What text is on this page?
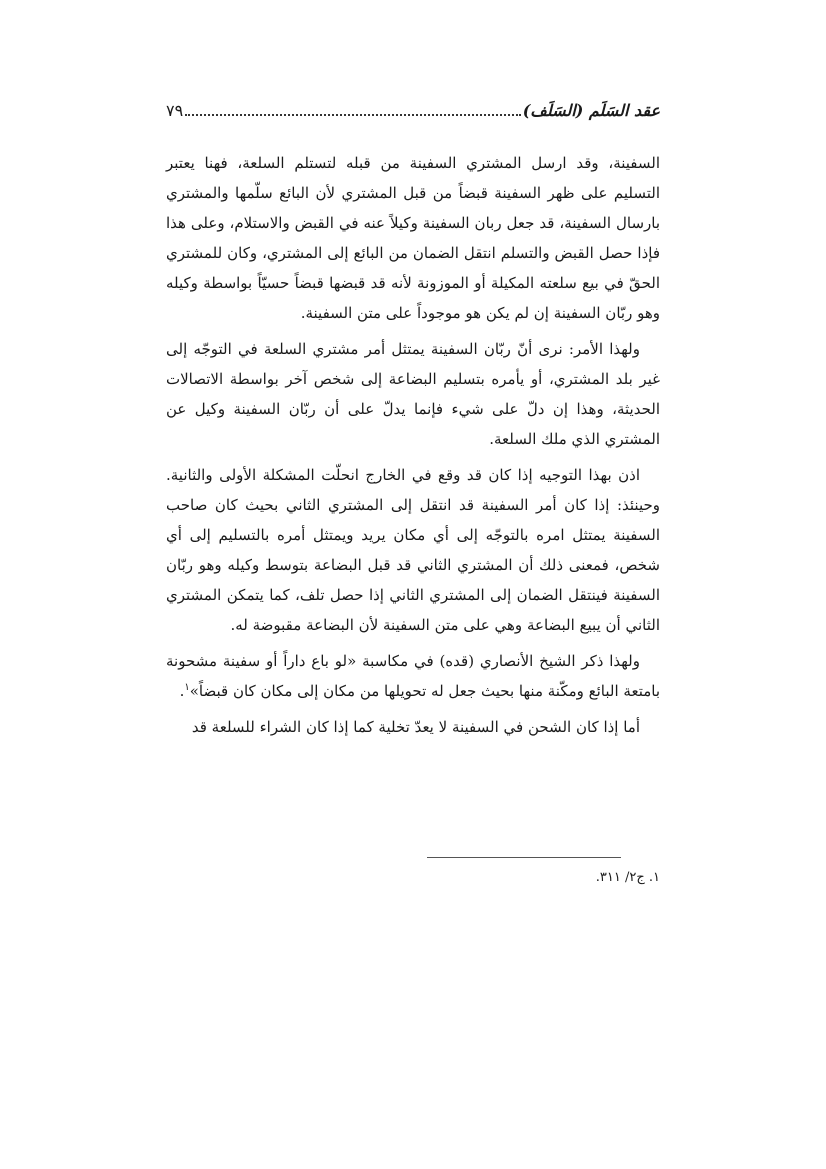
عقد السَلَم (السَلَف)
٧٩

السفينة، وقد ارسل المشتري السفينة من قبله لتستلم السلعة، فهنا يعتبر التسليم على ظهر السفينة قبضاً من قبل المشتري لأن البائع سلّمها والمشتري بارسال السفينة، قد جعل ربان السفينة وكيلاً عنه في القبض والاستلام، وعلى هذا فإذا حصل القبض والتسلم انتقل الضمان من البائع إلى المشتري، وكان للمشتري الحقّ في بيع سلعته المكيلة أو الموزونة لأنه قد قبضها قبضاً حسيّاً بواسطة وكيله وهو ربّان السفينة إن لم يكن هو موجوداً على متن السفينة.

ولهذا الأمر: نرى أنّ ربّان السفينة يمتثل أمر مشتري السلعة في التوجّه إلى غير بلد المشتري، أو يأمره بتسليم البضاعة إلى شخص آخر بواسطة الاتصالات الحديثة، وهذا إن دلّ على شيء فإنما يدلّ على أن ربّان السفينة وكيل عن المشتري الذي ملك السلعة.

اذن بهذا التوجيه إذا كان قد وقع في الخارج انحلّت المشكلة الأولى والثانية. وحينئذ: إذا كان أمر السفينة قد انتقل إلى المشتري الثاني بحيث كان صاحب السفينة يمتثل امره بالتوجّه إلى أي مكان يريد ويمتثل أمره بالتسليم إلى أي شخص، فمعنى ذلك أن المشتري الثاني قد قبل البضاعة بتوسط وكيله وهو ربّان السفينة فينتقل الضمان إلى المشتري الثاني إذا حصل تلف، كما يتمكن المشتري الثاني أن يبيع البضاعة وهي على متن السفينة لأن البضاعة مقبوضة له.

ولهذا ذكر الشيخ الأنصاري (قده) في مكاسبة «لو باع داراً أو سفينة مشحونة بامتعة البائع ومكّنة منها بحيث جعل له تحويلها من مكان إلى مكان كان قبضاً»$^١$.

أما إذا كان الشحن في السفينة لا يعدّ تخلية كما إذا كان الشراء للسلعة قد

١. ج٢/ ٣١١.
